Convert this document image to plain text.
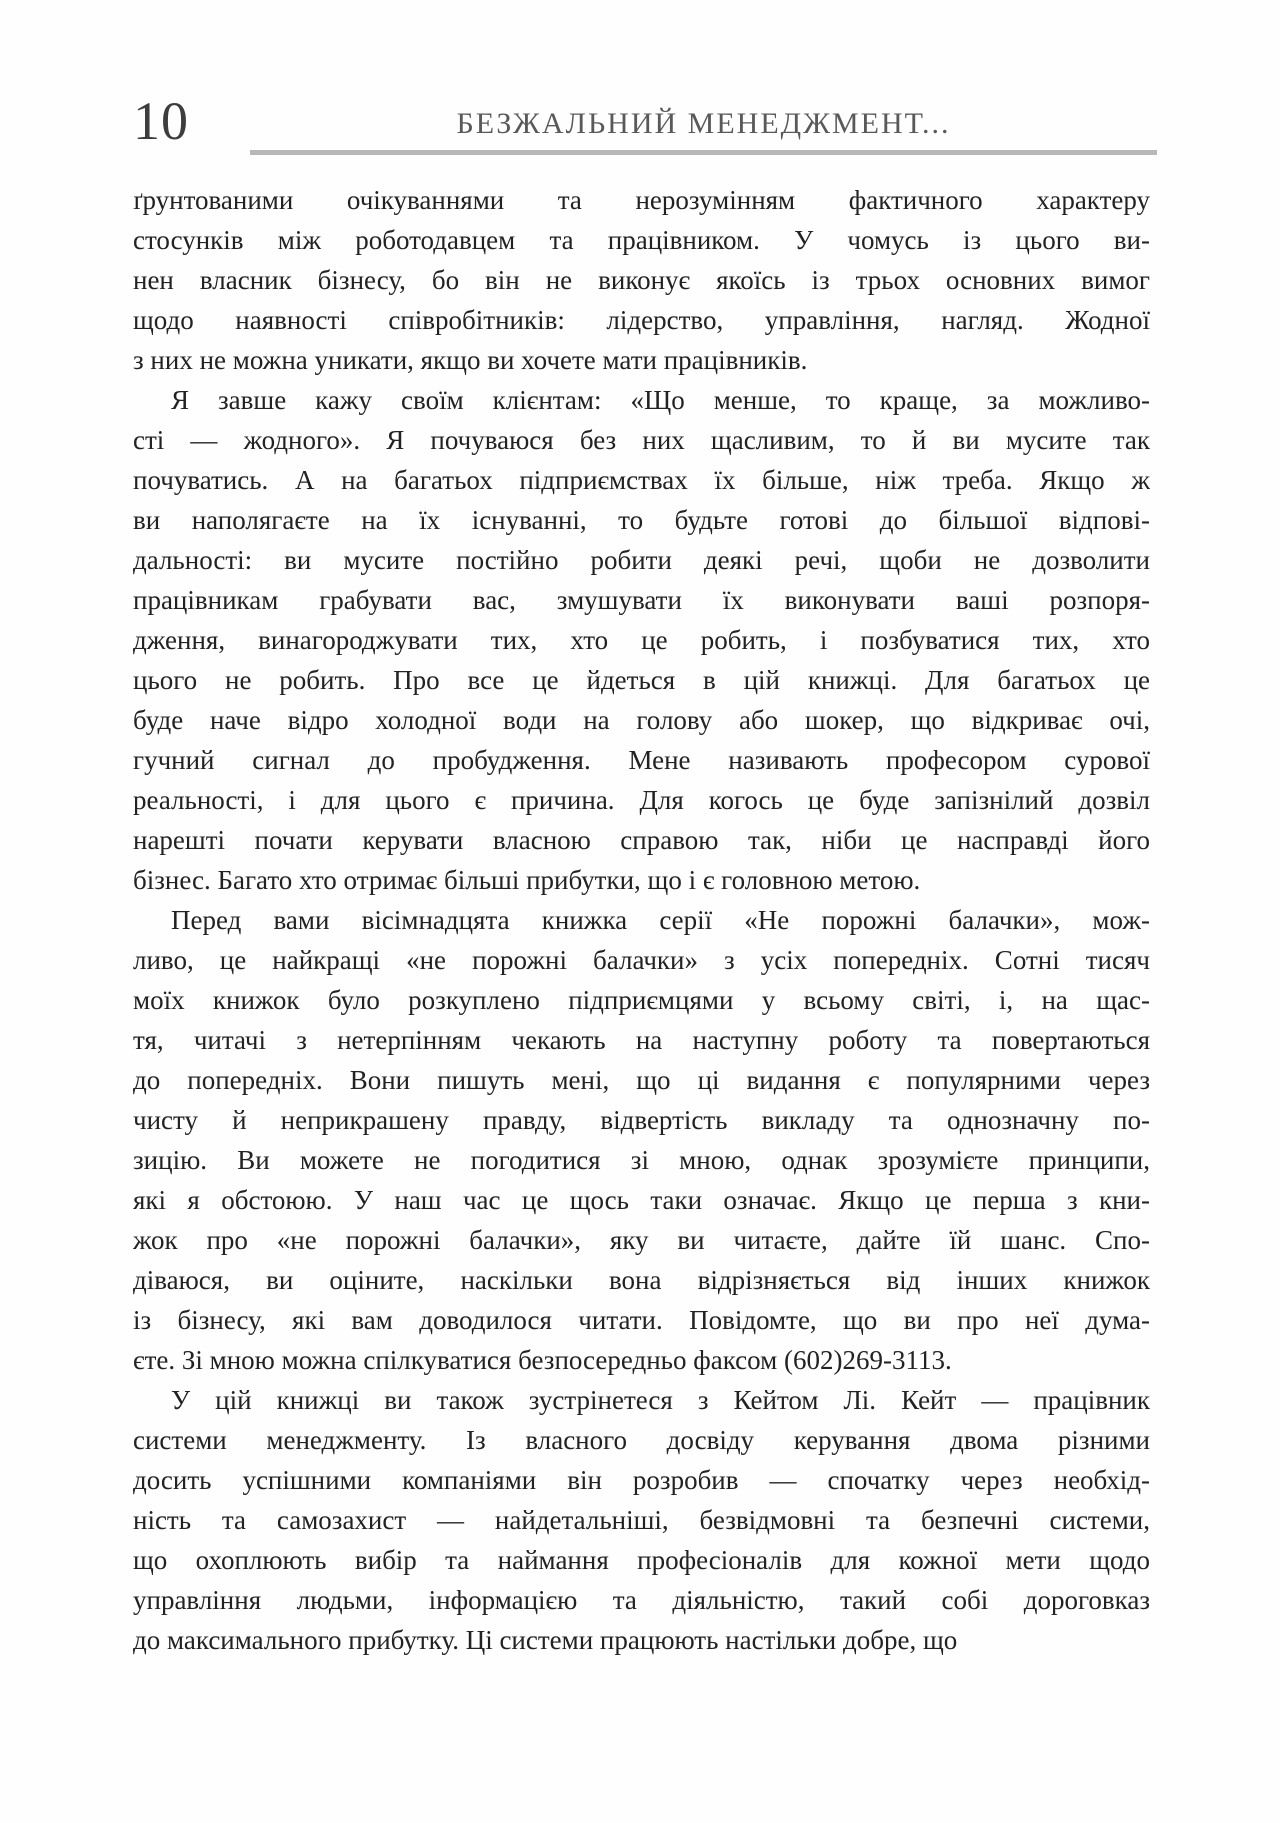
10	БЕЗЖАЛЬНИЙ МЕНЕДЖМЕНТ...
ґрунтованими очікуваннями та нерозумінням фактичного характеру
стосунків між роботодавцем та працівником. У чомусь із цього ви-
нен власник бізнесу, бо він не виконує якоїсь із трьох основних вимог
щодо наявності співробітників: лідерство, управління, нагляд. Жодної
з них не можна уникати, якщо ви хочете мати працівників.
Я завше кажу своїм клієнтам: «Що менше, то краще, за можливо-
сті — жодного». Я почуваюся без них щасливим, то й ви мусите так
почуватись. А на багатьох підприємствах їх більше, ніж треба. Якщо ж
ви наполягаєте на їх існуванні, то будьте готові до більшої відпові-
дальності: ви мусите постійно робити деякі речі, щоби не дозволити
працівникам грабувати вас, змушувати їх виконувати ваші розпоря-
дження, винагороджувати тих, хто це робить, і позбуватися тих, хто
цього не робить. Про все це йдеться в цій книжці. Для багатьох це
буде наче відро холодної води на голову або шокер, що відкриває очі,
гучний сигнал до пробудження. Мене називають професором сурової
реальності, і для цього є причина. Для когось це буде запізнілий дозвіл
нарешті почати керувати власною справою так, ніби це насправді його
бізнес. Багато хто отримає більші прибутки, що і є головною метою.
Перед вами вісімнадцята книжка серії «Не порожні балачки», мож-
ливо, це найкращі «не порожні балачки» з усіх попередніх. Сотні тисяч
моїх книжок було розкуплено підприємцями у всьому світі, і, на щас-
тя, читачі з нетерпінням чекають на наступну роботу та повертаються
до попередніх. Вони пишуть мені, що ці видання є популярними через
чисту й неприкрашену правду, відвертість викладу та однозначну по-
зицію. Ви можете не погодитися зі мною, однак зрозумієте принципи,
які я обстоюю. У наш час це щось таки означає. Якщо це перша з кни-
жок про «не порожні балачки», яку ви читаєте, дайте їй шанс. Спо-
діваюся, ви оціните, наскільки вона відрізняється від інших книжок
із бізнесу, які вам доводилося читати. Повідомте, що ви про неї дума-
єте. Зі мною можна спілкуватися безпосередньо факсом (602)269-3113.
У цій книжці ви також зустрінетеся з Кейтом Лі. Кейт — працівник
системи менеджменту. Із власного досвіду керування двома різними
досить успішними компаніями він розробив — спочатку через необхід-
ність та самозахист — найдетальніші, безвідмовні та безпечні системи,
що охоплюють вибір та наймання професіоналів для кожної мети щодо
управління людьми, інформацією та діяльністю, такий собі дороговказ
до максимального прибутку. Ці системи працюють настільки добре, що
